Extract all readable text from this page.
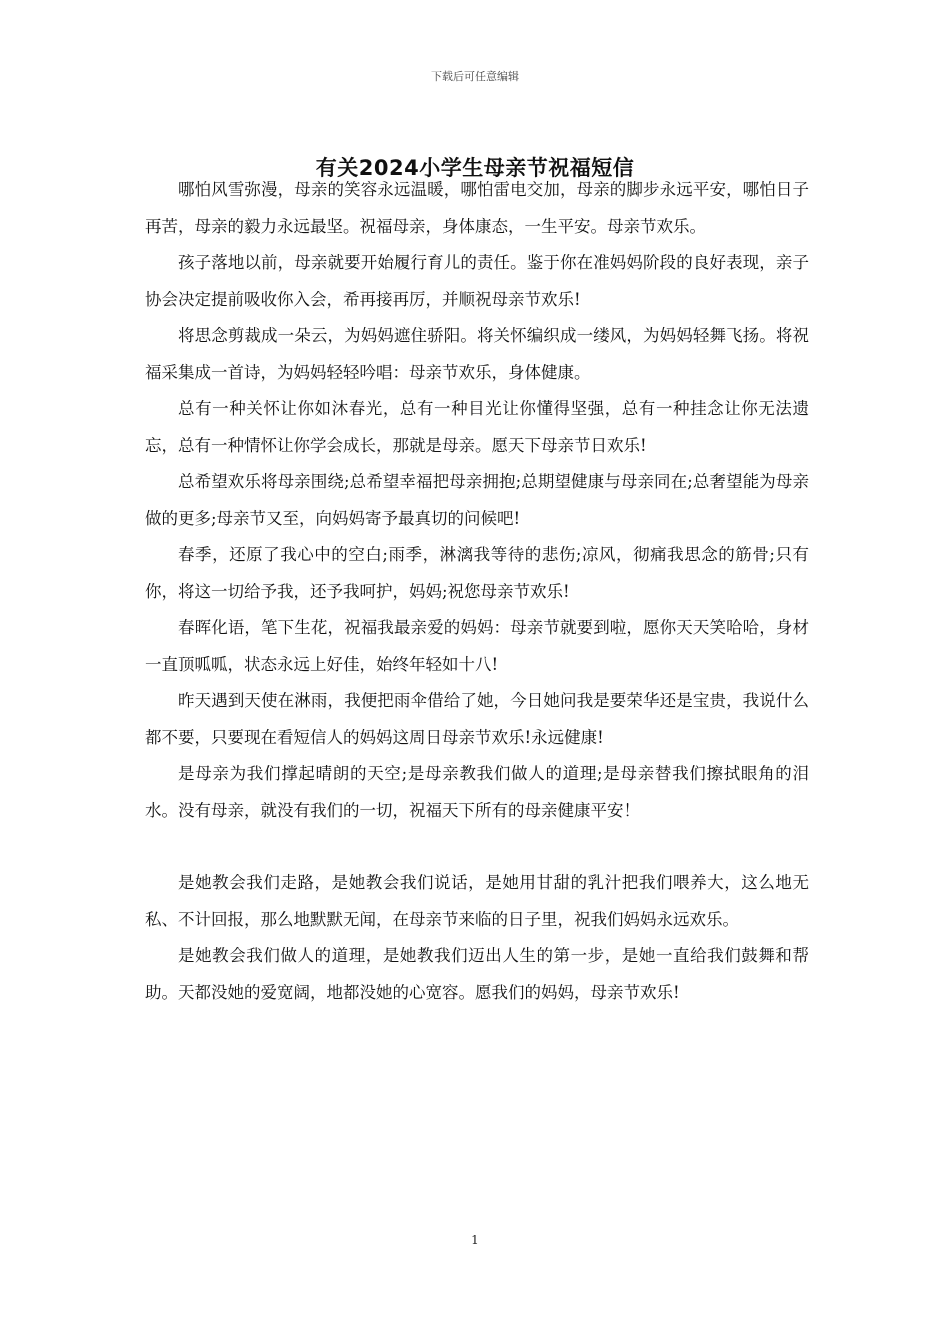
下载后可任意编辑
有关2024小学生母亲节祝福短信

哪怕风雪弥漫，母亲的笑容永远温暖，哪怕雷电交加，母亲的脚步永远平安，哪怕日子再苦，母亲的毅力永远最坚。祝福母亲，身体康态，一生平安。母亲节欢乐。

孩子落地以前，母亲就要开始履行育儿的责任。鉴于你在准妈妈阶段的良好表现，亲子协会决定提前吸收你入会，希再接再厉，并顺祝母亲节欢乐!

将思念剪裁成一朵云，为妈妈遮住骄阳。将关怀编织成一缕风，为妈妈轻舞飞扬。将祝福采集成一首诗，为妈妈轻轻吟唱：母亲节欢乐，身体健康。

总有一种关怀让你如沐春光，总有一种目光让你懂得坚强，总有一种挂念让你无法遗忘，总有一种情怀让你学会成长，那就是母亲。愿天下母亲节日欢乐!

总希望欢乐将母亲围绕;总希望幸福把母亲拥抱;总期望健康与母亲同在;总奢望能为母亲做的更多;母亲节又至，向妈妈寄予最真切的问候吧!

春季，还原了我心中的空白;雨季，淋漓我等待的悲伤;凉风，彻痛我思念的筋骨;只有你，将这一切给予我，还予我呵护，妈妈;祝您母亲节欢乐!

春晖化语，笔下生花，祝福我最亲爱的妈妈：母亲节就要到啦，愿你天天笑哈哈，身材一直顶呱呱，状态永远上好佳，始终年轻如十八!

昨天遇到天使在淋雨，我便把雨伞借给了她，今日她问我是要荣华还是宝贵，我说什么都不要，只要现在看短信人的妈妈这周日母亲节欢乐!永远健康!

是母亲为我们撑起晴朗的天空;是母亲教我们做人的道理;是母亲替我们擦拭眼角的泪水。没有母亲，就没有我们的一切，祝福天下所有的母亲健康平安！

是她教会我们走路，是她教会我们说话，是她用甘甜的乳汁把我们喂养大，这么地无私、不计回报，那么地默默无闻，在母亲节来临的日子里，祝我们妈妈永远欢乐。

是她教会我们做人的道理，是她教我们迈出人生的第一步，是她一直给我们鼓舞和帮助。天都没她的爱宽阔，地都没她的心宽容。愿我们的妈妈，母亲节欢乐!

1
